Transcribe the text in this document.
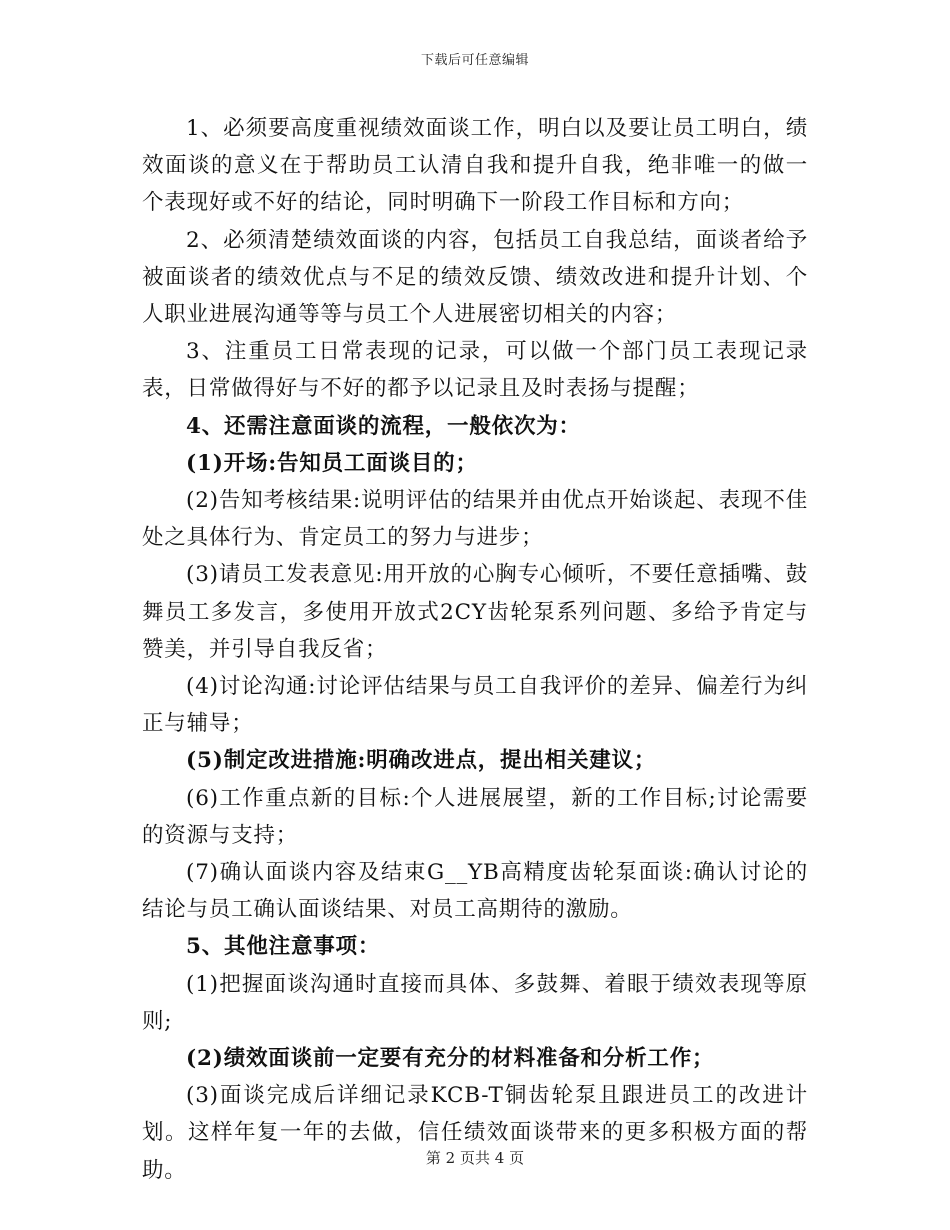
下载后可任意编辑

1、必须要高度重视绩效面谈工作，明白以及要让员工明白，绩效面谈的意义在于帮助员工认清自我和提升自我，绝非唯一的做一个表现好或不好的结论，同时明确下一阶段工作目标和方向；

2、必须清楚绩效面谈的内容，包括员工自我总结，面谈者给予被面谈者的绩效优点与不足的绩效反馈、绩效改进和提升计划、个人职业进展沟通等等与员工个人进展密切相关的内容；

3、注重员工日常表现的记录，可以做一个部门员工表现记录表，日常做得好与不好的都予以记录且及时表扬与提醒；

4、还需注意面谈的流程，一般依次为：

(1)开场:告知员工面谈目的；

(2)告知考核结果:说明评估的结果并由优点开始谈起、表现不佳处之具体行为、肯定员工的努力与进步；

(3)请员工发表意见:用开放的心胸专心倾听，不要任意插嘴、鼓舞员工多发言，多使用开放式2CY齿轮泵系列问题、多给予肯定与赞美，并引导自我反省；

(4)讨论沟通:讨论评估结果与员工自我评价的差异、偏差行为纠正与辅导；

(5)制定改进措施:明确改进点，提出相关建议；

(6)工作重点新的目标:个人进展展望，新的工作目标;讨论需要的资源与支持；

(7)确认面谈内容及结束G__YB高精度齿轮泵面谈:确认讨论的结论与员工确认面谈结果、对员工高期待的激励。

5、其他注意事项：

(1)把握面谈沟通时直接而具体、多鼓舞、着眼于绩效表现等原则;

(2)绩效面谈前一定要有充分的材料准备和分析工作；

(3)面谈完成后详细记录KCB-T铜齿轮泵且跟进员工的改进计划。这样年复一年的去做，信任绩效面谈带来的更多积极方面的帮助。	第 2 页共 4 页
